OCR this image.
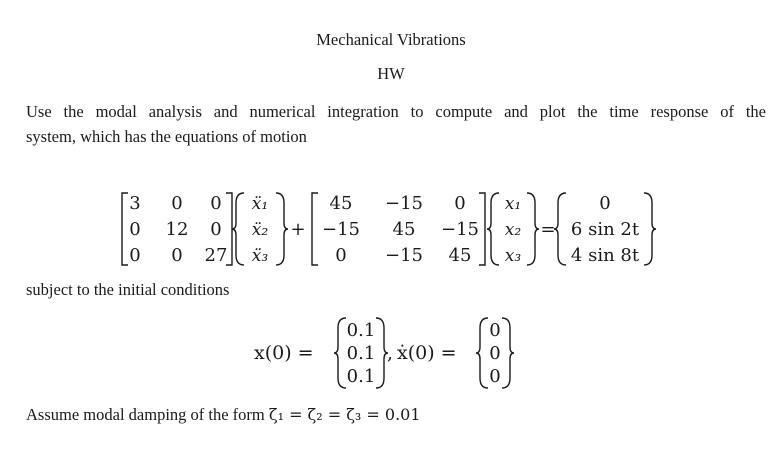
Mechanical Vibrations
HW
Use the modal analysis and numerical integration to compute and plot the time response of the
system, which has the equations of motion
3 0 0
0 12 0
0 0 27
ẍ₁
ẍ₂
ẍ₃
+
45 −15 0
−15 45 −15
0 −15 45
x₁
x₂
x₃
=
0
6 sin 2t
4 sin 8t
subject to the initial conditions
x(0) =
0.1
0.1
0.1
, ẋ(0) =
0
0
0
Assume modal damping of the form ζ₁ = ζ₂ = ζ₃ = 0.01
